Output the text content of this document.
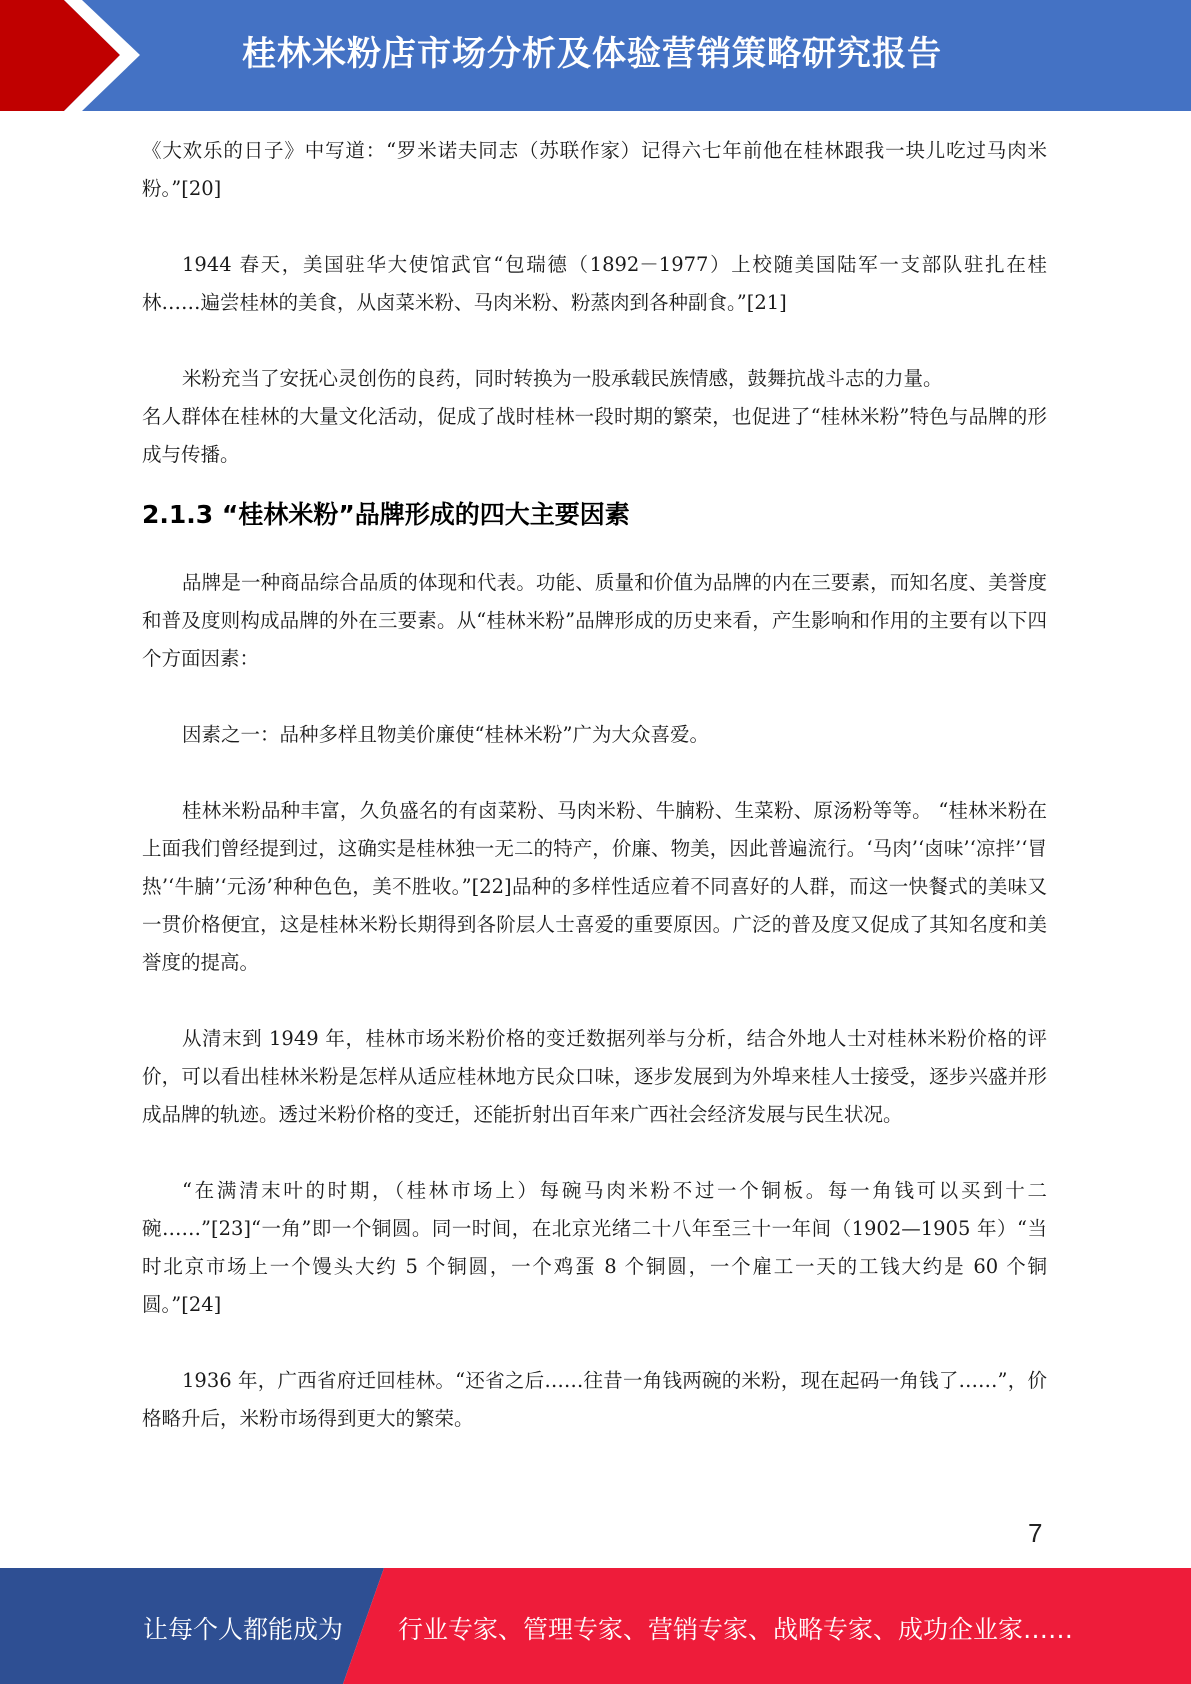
桂林米粉店市场分析及体验营销策略研究报告

《大欢乐的日子》中写道：“罗米诺夫同志（苏联作家）记得六七年前他在桂林跟我一块儿吃过马肉米粉。”[20]

1944 春天，美国驻华大使馆武官“包瑞德（1892－1977）上校随美国陆军一支部队驻扎在桂林……遍尝桂林的美食，从卤菜米粉、马肉米粉、粉蒸肉到各种副食。”[21]

米粉充当了安抚心灵创伤的良药，同时转换为一股承载民族情感，鼓舞抗战斗志的力量。

名人群体在桂林的大量文化活动，促成了战时桂林一段时期的繁荣，也促进了“桂林米粉”特色与品牌的形成与传播。

2.1.3 “桂林米粉”品牌形成的四大主要因素

品牌是一种商品综合品质的体现和代表。功能、质量和价值为品牌的内在三要素，而知名度、美誉度和普及度则构成品牌的外在三要素。从“桂林米粉”品牌形成的历史来看，产生影响和作用的主要有以下四个方面因素：

因素之一：品种多样且物美价廉使“桂林米粉”广为大众喜爱。

桂林米粉品种丰富，久负盛名的有卤菜粉、马肉米粉、牛腩粉、生菜粉、原汤粉等等。 “桂林米粉在上面我们曾经提到过，这确实是桂林独一无二的特产，价廉、物美，因此普遍流行。‘马肉’‘卤味’‘凉拌’‘冒热’‘牛腩’‘元汤’种种色色，美不胜收。”[22]品种的多样性适应着不同喜好的人群，而这一快餐式的美味又一贯价格便宜，这是桂林米粉长期得到各阶层人士喜爱的重要原因。广泛的普及度又促成了其知名度和美誉度的提高。

从清末到 1949 年，桂林市场米粉价格的变迁数据列举与分析，结合外地人士对桂林米粉价格的评价，可以看出桂林米粉是怎样从适应桂林地方民众口味，逐步发展到为外埠来桂人士接受，逐步兴盛并形成品牌的轨迹。透过米粉价格的变迁，还能折射出百年来广西社会经济发展与民生状况。

“在满清末叶的时期，（桂林市场上）每碗马肉米粉不过一个铜板。每一角钱可以买到十二碗……”[23]“一角”即一个铜圆。同一时间，在北京光绪二十八年至三十一年间（1902—1905 年）“当时北京市场上一个馒头大约 5 个铜圆，一个鸡蛋 8 个铜圆，一个雇工一天的工钱大约是 60 个铜圆。”[24]

1936 年，广西省府迁回桂林。“还省之后……往昔一角钱两碗的米粉，现在起码一角钱了……”，价格略升后，米粉市场得到更大的繁荣。

7
让每个人都能成为 行业专家、管理专家、营销专家、战略专家、成功企业家……
